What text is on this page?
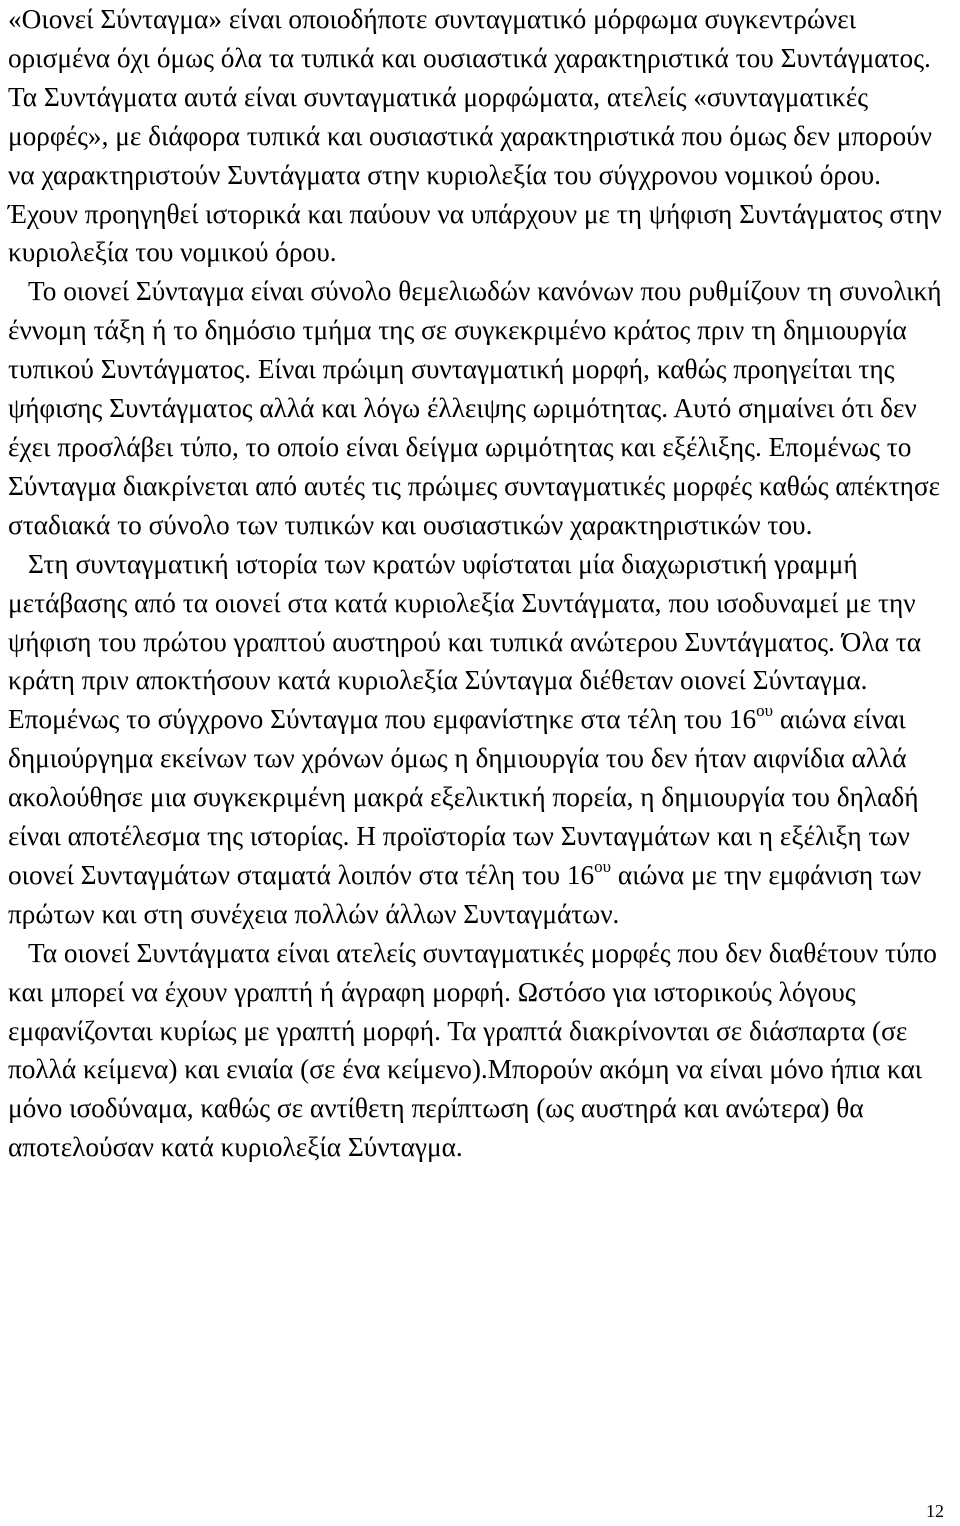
«Οιονεί Σύνταγμα» είναι οποιοδήποτε συνταγματικό μόρφωμα συγκεντρώνει ορισμένα όχι όμως όλα τα τυπικά και ουσιαστικά χαρακτηριστικά του Συντάγματος. Τα Συντάγματα αυτά είναι συνταγματικά μορφώματα, ατελείς «συνταγματικές μορφές», με διάφορα τυπικά και ουσιαστικά χαρακτηριστικά που όμως δεν μπορούν να χαρακτηριστούν Συντάγματα στην κυριολεξία του σύγχρονου νομικού όρου. Έχουν προηγηθεί ιστορικά και παύουν να υπάρχουν με τη ψήφιση Συντάγματος στην κυριολεξία του νομικού όρου.

Το οιονεί Σύνταγμα είναι σύνολο θεμελιωδών κανόνων που ρυθμίζουν τη συνολική έννομη τάξη ή το δημόσιο τμήμα της σε συγκεκριμένο κράτος πριν τη δημιουργία τυπικού Συντάγματος. Είναι πρώιμη συνταγματική μορφή, καθώς προηγείται της ψήφισης Συντάγματος αλλά και λόγω έλλειψης ωριμότητας. Αυτό σημαίνει ότι δεν έχει προσλάβει τύπο, το οποίο είναι δείγμα ωριμότητας και εξέλιξης. Επομένως το Σύνταγμα διακρίνεται από αυτές τις πρώιμες συνταγματικές μορφές καθώς απέκτησε σταδιακά το σύνολο των τυπικών και ουσιαστικών χαρακτηριστικών του.

Στη συνταγματική ιστορία των κρατών υφίσταται μία διαχωριστική γραμμή μετάβασης από τα οιονεί στα κατά κυριολεξία Συντάγματα, που ισοδυναμεί με την ψήφιση του πρώτου γραπτού αυστηρού και τυπικά ανώτερου Συντάγματος. Όλα τα κράτη πριν αποκτήσουν κατά κυριολεξία Σύνταγμα διέθεταν οιονεί Σύνταγμα. Επομένως το σύγχρονο Σύνταγμα που εμφανίστηκε στα τέλη του $16^{o\upsilon}$ αιώνα είναι δημιούργημα εκείνων των χρόνων όμως η δημιουργία του δεν ήταν αιφνίδια αλλά ακολούθησε μια συγκεκριμένη μακρά εξελικτική πορεία, η δημιουργία του δηλαδή είναι αποτέλεσμα της ιστορίας. Η προϊστορία των Συνταγμάτων και η εξέλιξη των οιονεί Συνταγμάτων σταματά λοιπόν στα τέλη του $16^{o\upsilon}$ αιώνα με την εμφάνιση των πρώτων και στη συνέχεια πολλών άλλων Συνταγμάτων.

Τα οιονεί Συντάγματα είναι ατελείς συνταγματικές μορφές που δεν διαθέτουν τύπο και μπορεί να έχουν γραπτή ή άγραφη μορφή. Ωστόσο για ιστορικούς λόγους εμφανίζονται κυρίως με γραπτή μορφή. Τα γραπτά διακρίνονται σε διάσπαρτα (σε πολλά κείμενα) και ενιαία (σε ένα κείμενο).Μπορούν ακόμη να είναι μόνο ήπια και μόνο ισοδύναμα, καθώς σε αντίθετη περίπτωση (ως αυστηρά και ανώτερα) θα αποτελούσαν κατά κυριολεξία Σύνταγμα.

12
